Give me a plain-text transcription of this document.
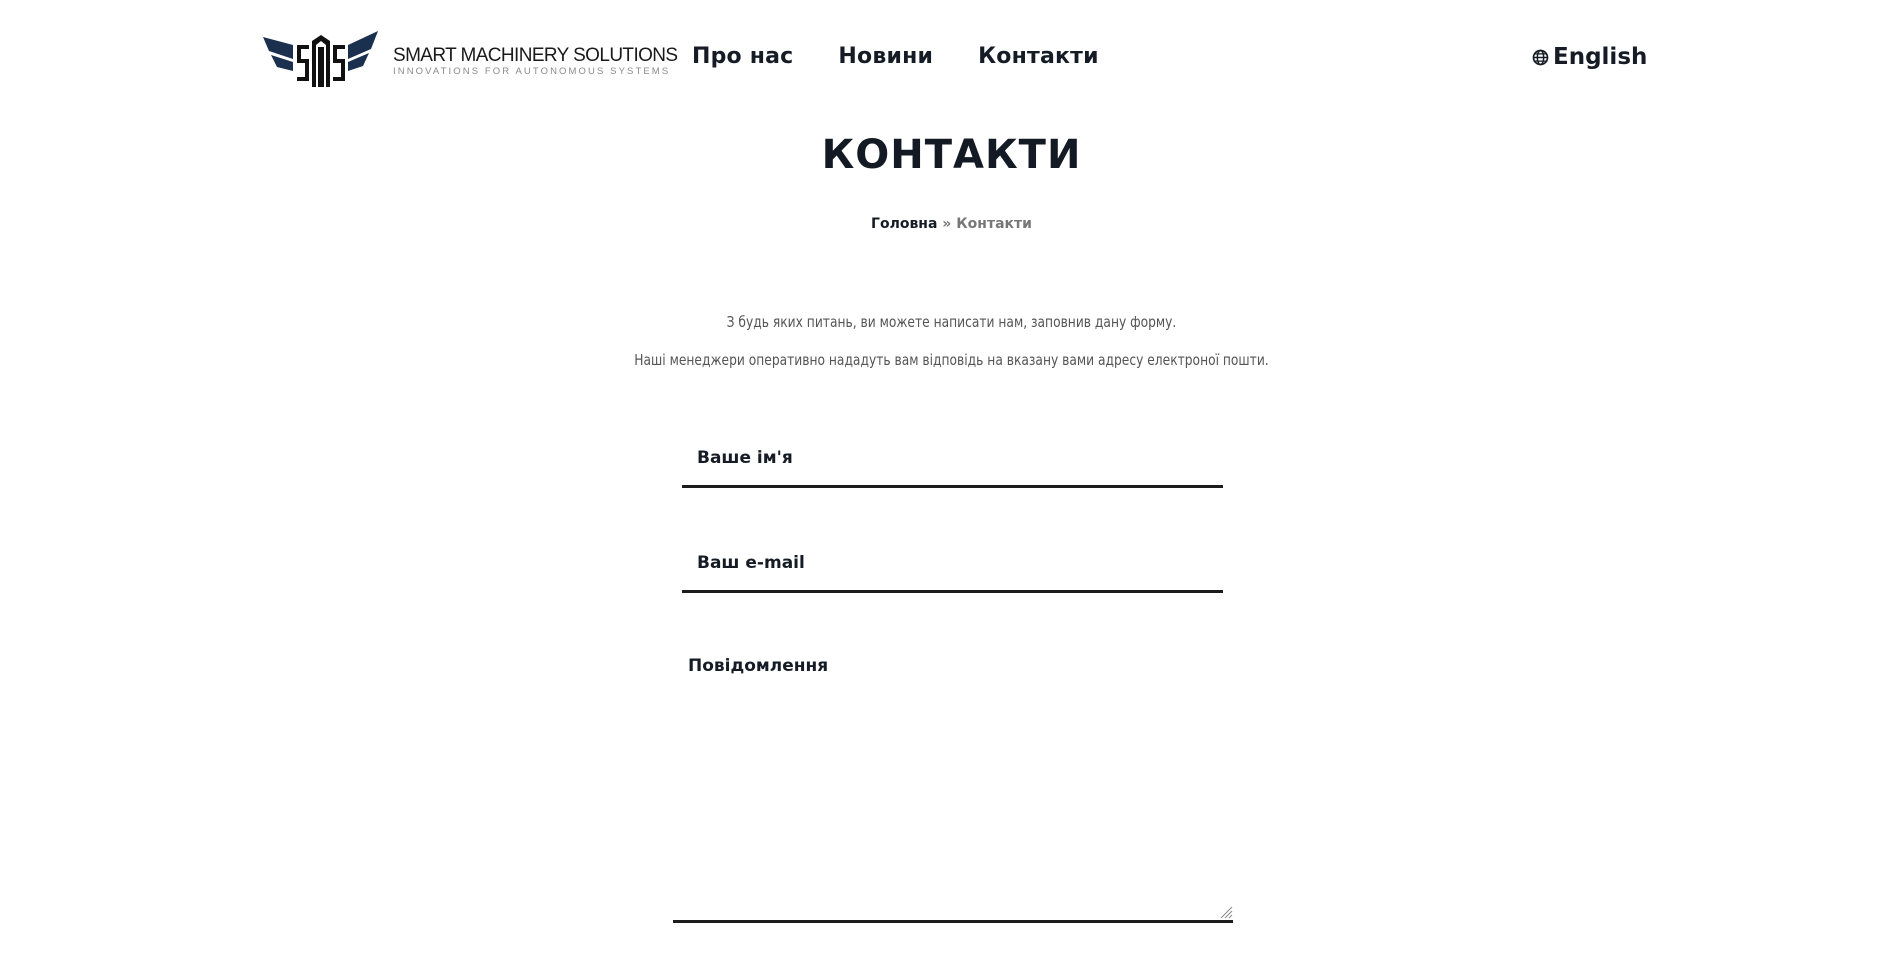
SMART MACHINERY SOLUTIONS
INNOVATIONS FOR AUTONOMOUS SYSTEMS
Про нас Новини Контакти	English
КОНТАКТИ
Головна » Контакти
З будь яких питань, ви можете написати нам, заповнив дану форму.
Наші менеджери оперативно нададуть вам відповідь на вказану вами адресу електроної пошти.
Ваше ім'я
Ваш e-mail
Повідомлення
